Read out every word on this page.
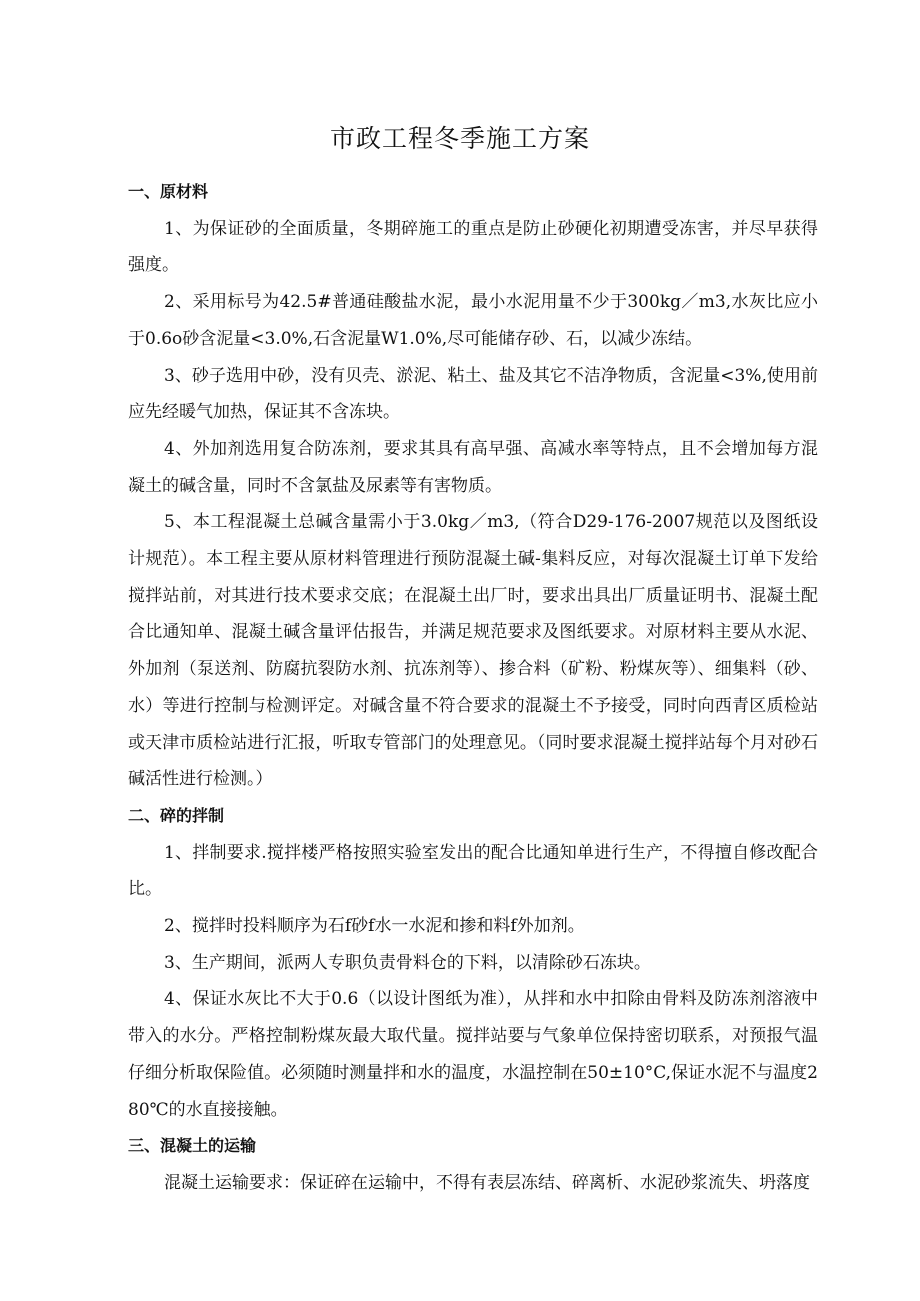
市政工程冬季施工方案

一、原材料

1、为保证砂的全面质量，冬期碎施工的重点是防止砂硬化初期遭受冻害，并尽早获得强度。

2、采用标号为42.5#普通硅酸盐水泥，最小水泥用量不少于300kg／m3,水灰比应小于0.6o砂含泥量<3.0%,石含泥量W1.0%,尽可能储存砂、石，以减少冻结。

3、砂子选用中砂，没有贝壳、淤泥、粘土、盐及其它不洁净物质，含泥量<3%,使用前应先经暖气加热，保证其不含冻块。

4、外加剂选用复合防冻剂，要求其具有高早强、高减水率等特点，且不会增加每方混凝土的碱含量，同时不含氯盐及尿素等有害物质。

5、本工程混凝土总碱含量需小于3.0kg／m3,（符合D29-176-2007规范以及图纸设计规范）。本工程主要从原材料管理进行预防混凝土碱-集料反应，对每次混凝土订单下发给搅拌站前，对其进行技术要求交底；在混凝土出厂时，要求出具出厂质量证明书、混凝土配合比通知单、混凝土碱含量评估报告，并满足规范要求及图纸要求。对原材料主要从水泥、外加剂（泵送剂、防腐抗裂防水剂、抗冻剂等）、掺合料（矿粉、粉煤灰等）、细集料（砂、水）等进行控制与检测评定。对碱含量不符合要求的混凝土不予接受，同时向西青区质检站或天津市质检站进行汇报，听取专管部门的处理意见。（同时要求混凝土搅拌站每个月对砂石碱活性进行检测。）

二、碎的拌制

1、拌制要求.搅拌楼严格按照实验室发出的配合比通知单进行生产，不得擅自修改配合比。

2、搅拌时投料顺序为石f砂f水一水泥和掺和料f外加剂。

3、生产期间，派两人专职负责骨料仓的下料，以清除砂石冻块。

4、保证水灰比不大于0.6（以设计图纸为准），从拌和水中扣除由骨料及防冻剂溶液中带入的水分。严格控制粉煤灰最大取代量。搅拌站要与气象单位保持密切联系，对预报气温仔细分析取保险值。必须随时测量拌和水的温度，水温控制在50±10°C,保证水泥不与温度280℃的水直接接触。

三、混凝土的运输

混凝土运输要求：保证碎在运输中，不得有表层冻结、碎离析、水泥砂浆流失、坍落度
